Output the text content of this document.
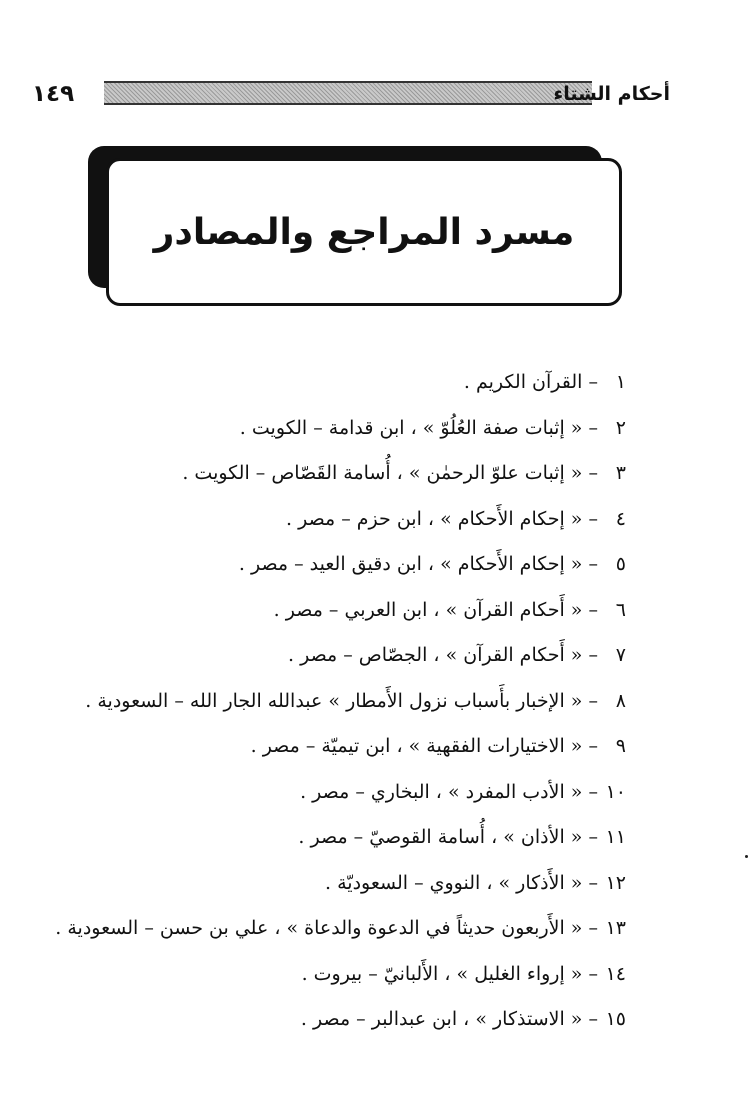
١٤٩	أحكام الشتاء
مسرد المراجع والمصادر
١ – القرآن الكريم .
٢ – « إثبات صفة العُلُوّ » ، ابن قدامة – الكويت .
٣ – « إثبات علوّ الرحمٰن » ، أُسامة القَصّاص – الكويت .
٤ – « إحكام الأَحكام » ، ابن حزم – مصر .
٥ – « إحكام الأَحكام » ، ابن دقيق العيد – مصر .
٦ – « أَحكام القرآن » ، ابن العربي – مصر .
٧ – « أَحكام القرآن » ، الجصّاص – مصر .
٨ – « الإخبار بأَسباب نزول الأَمطار » عبدالله الجار الله – السعودية .
٩ – « الاختيارات الفقهية » ، ابن تيميّة – مصر .
١٠ – « الأدب المفرد » ، البخاري – مصر .
١١ – « الأذان » ، أُسامة القوصيّ – مصر .
١٢ – « الأَذكار » ، النووي – السعوديّة .
١٣ – « الأَربعون حديثاً في الدعوة والدعاة » ، علي بن حسن – السعودية .
١٤ – « إرواء الغليل » ، الأَلبانيّ – بيروت .
١٥ – « الاستذكار » ، ابن عبدالبر – مصر .
